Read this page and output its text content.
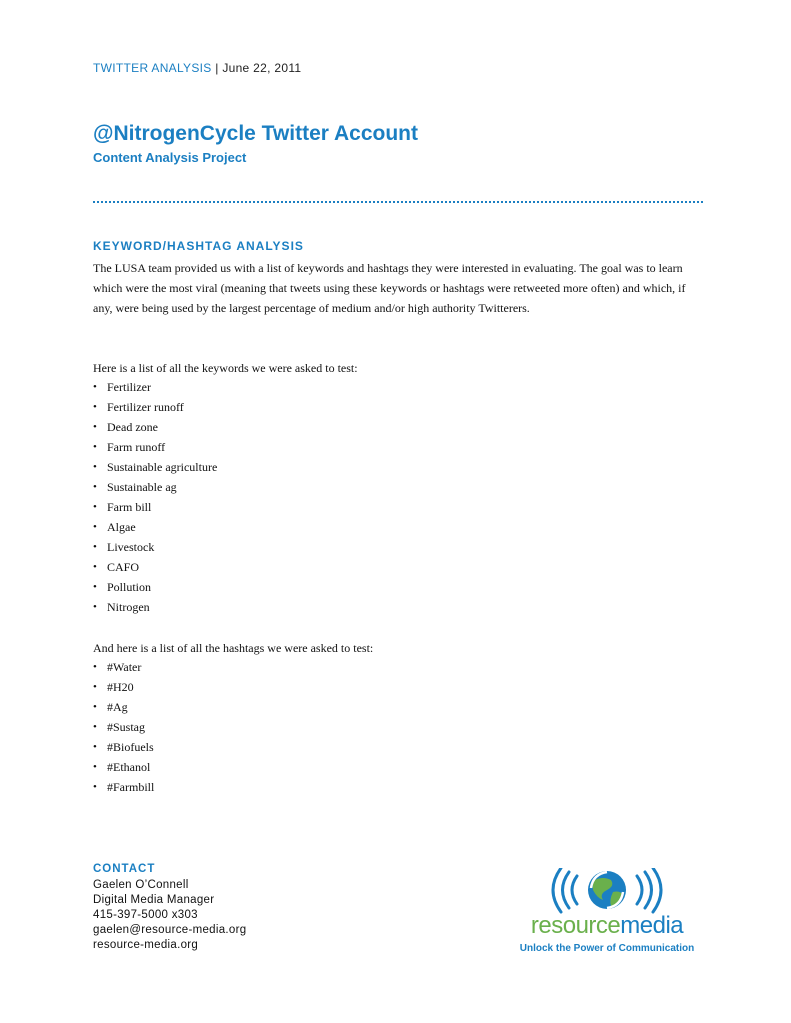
TWITTER ANALYSIS | June 22, 2011
@NitrogenCycle Twitter Account
Content Analysis Project
KEYWORD/HASHTAG ANALYSIS

The LUSA team provided us with a list of keywords and hashtags they were interested in evaluating. The goal was to learn which were the most viral (meaning that tweets using these keywords or hashtags were retweeted more often) and which, if any, were being used by the largest percentage of medium and/or high authority Twitterers.

Here is a list of all the keywords we were asked to test:

• Fertilizer
• Fertilizer runoff
• Dead zone
• Farm runoff
• Sustainable agriculture
• Sustainable ag
• Farm bill
• Algae
• Livestock
• CAFO
• Pollution
• Nitrogen

And here is a list of all the hashtags we were asked to test:

• #Water
• #H20
• #Ag
• #Sustag
• #Biofuels
• #Ethanol
• #Farmbill
CONTACT
Gaelen O’Connell
Digital Media Manager
415-397-5000 x303
gaelen@resource-media.org
resource-media.org
resourcemedia
Unlock the Power of Communication
